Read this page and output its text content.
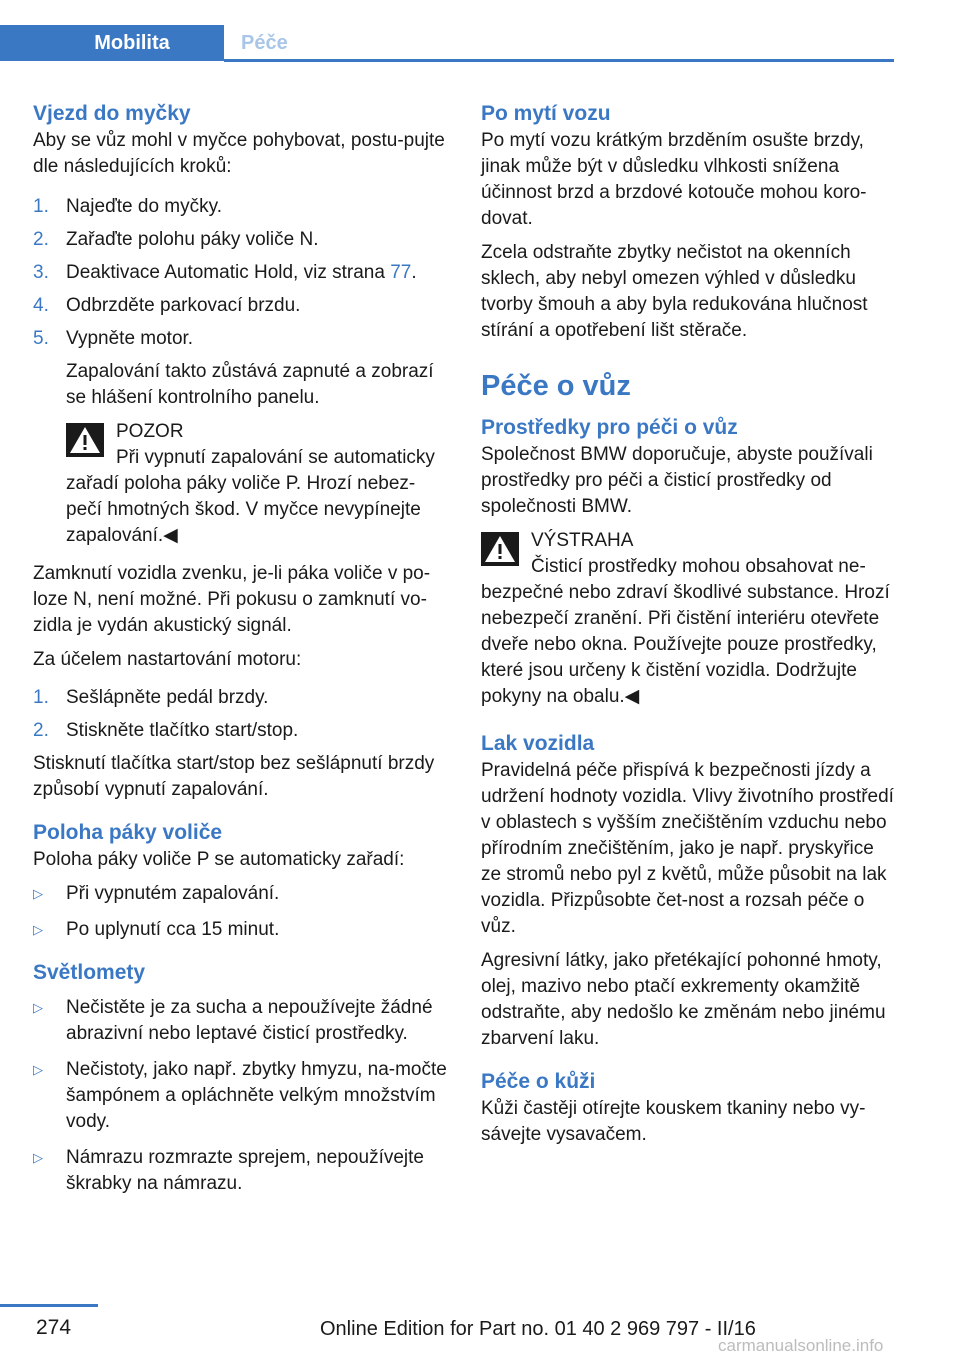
Mobilita	Péče
Vjezd do myčky

Aby se vůz mohl v myčce pohybovat, postu-pujte dle následujících kroků:

1. Najeďte do myčky.
2. Zařaďte polohu páky voliče N.
3. Deaktivace Automatic Hold, viz strana 77.
4. Odbrzděte parkovací brzdu.
5. Vypněte motor.

Zapalování takto zůstává zapnuté a zobrazí se hlášení kontrolního panelu.

POZOR
Při vypnutí zapalování se automaticky zařadí poloha páky voliče P. Hrozí nebez-pečí hmotných škod. V myčce nevypínejte zapalování.◀

Zamknutí vozidla zvenku, je-li páka voliče v po-loze N, není možné. Při pokusu o zamknutí vo-zidla je vydán akustický signál.

Za účelem nastartování motoru:

1. Sešlápněte pedál brzdy.
2. Stiskněte tlačítko start/stop.

Stisknutí tlačítka start/stop bez sešlápnutí brzdy způsobí vypnutí zapalování.

Poloha páky voliče

Poloha páky voliče P se automaticky zařadí:

▷ Při vypnutém zapalování.
▷ Po uplynutí cca 15 minut.
Světlomety
▷ Nečistěte je za sucha a nepoužívejte žádné abrazivní nebo leptavé čisticí prostředky.
▷ Nečistoty, jako např. zbytky hmyzu, na-močte šampónem a opláchněte velkým množstvím vody.
▷ Námrazu rozmrazte sprejem, nepoužívejte škrabky na námrazu.
Po mytí vozu

Po mytí vozu krátkým brzděním osušte brzdy, jinak může být v důsledku vlhkosti snížena účinnost brzd a brzdové kotouče mohou koro-dovat.

Zcela odstraňte zbytky nečistot na okenních sklech, aby nebyl omezen výhled v důsledku tvorby šmouh a aby byla redukována hlučnost stírání a opotřebení lišt stěrače.

Péče o vůz
Prostředky pro péči o vůz

Společnost BMW doporučuje, abyste používali prostředky pro péči a čisticí prostředky od společnosti BMW.

VÝSTRAHA
Čisticí prostředky mohou obsahovat ne-bezpečné nebo zdraví škodlivé substance. Hrozí nebezpečí zranění. Při čistění interiéru otevřete dveře nebo okna. Používejte pouze prostředky, které jsou určeny k čistění vozidla. Dodržujte pokyny na obalu.◀
Lak vozidla

Pravidelná péče přispívá k bezpečnosti jízdy a udržení hodnoty vozidla. Vlivy životního prostředí v oblastech s vyšším znečištěním vzduchu nebo přírodním znečištěním, jako je např. pryskyřice ze stromů nebo pyl z květů, může působit na lak vozidla. Přizpůsobte čet-nost a rozsah péče o vůz.

Agresivní látky, jako přetékající pohonné hmoty, olej, mazivo nebo ptačí exkrementy okamžitě odstraňte, aby nedošlo ke změnám nebo jinému zbarvení laku.

Péče o kůži

Kůži častěji otírejte kouskem tkaniny nebo vy-sávejte vysavačem.

274	Online Edition for Part no. 01 40 2 969 797 - II/16
carmanualsonline.info
